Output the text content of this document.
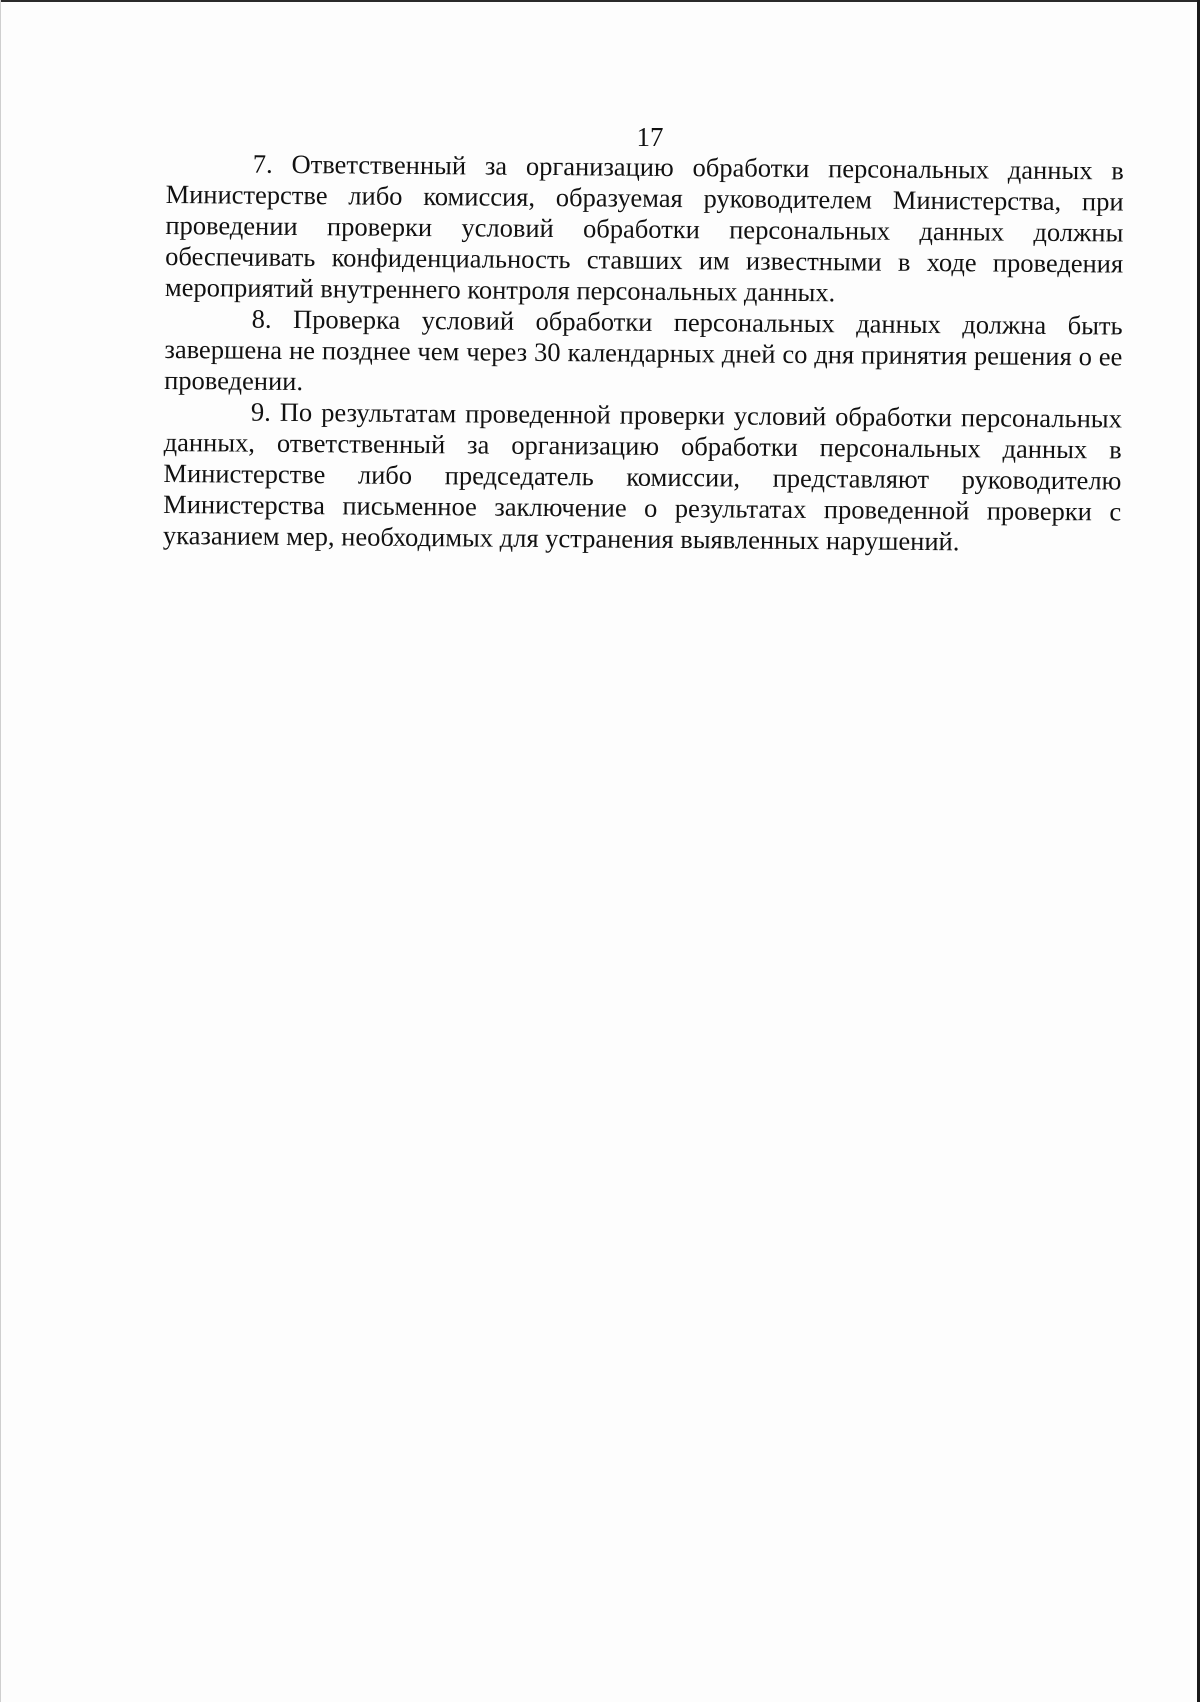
17

7. Ответственный за организацию обработки персональных данных в Министерстве либо комиссия, образуемая руководителем Министерства, при проведении проверки условий обработки персональных данных должны обеспечивать конфиденциальность ставших им известными в ходе проведения мероприятий внутреннего контроля персональных данных.

8. Проверка условий обработки персональных данных должна быть завершена не позднее чем через 30 календарных дней со дня принятия решения о ее проведении.

9. По результатам проведенной проверки условий обработки персональных данных, ответственный за организацию обработки персональных данных в Министерстве либо председатель комиссии, представляют руководителю Министерства письменное заключение о результатах проведенной проверки с указанием мер, необходимых для устранения выявленных нарушений.
